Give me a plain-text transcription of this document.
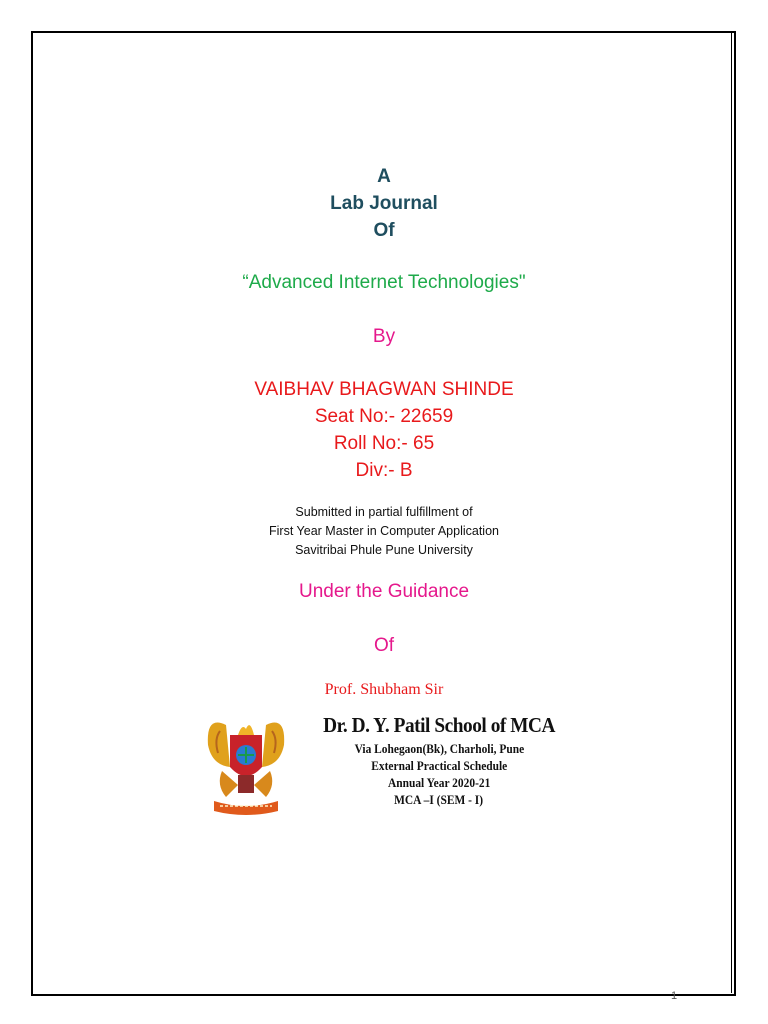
A
Lab Journal
Of
“Advanced Internet Technologies"
By
VAIBHAV BHAGWAN SHINDE
Seat No:- 22659
Roll No:- 65
Div:- B
Submitted in partial fulfillment of
First Year Master in Computer Application
Savitribai Phule Pune University
Under the Guidance
Of
Prof. Shubham Sir
Dr. D. Y. Patil School of MCA
Via Lohegaon(Bk), Charholi, Pune
External Practical Schedule
Annual Year 2020-21
MCA –I (SEM - I)
1
